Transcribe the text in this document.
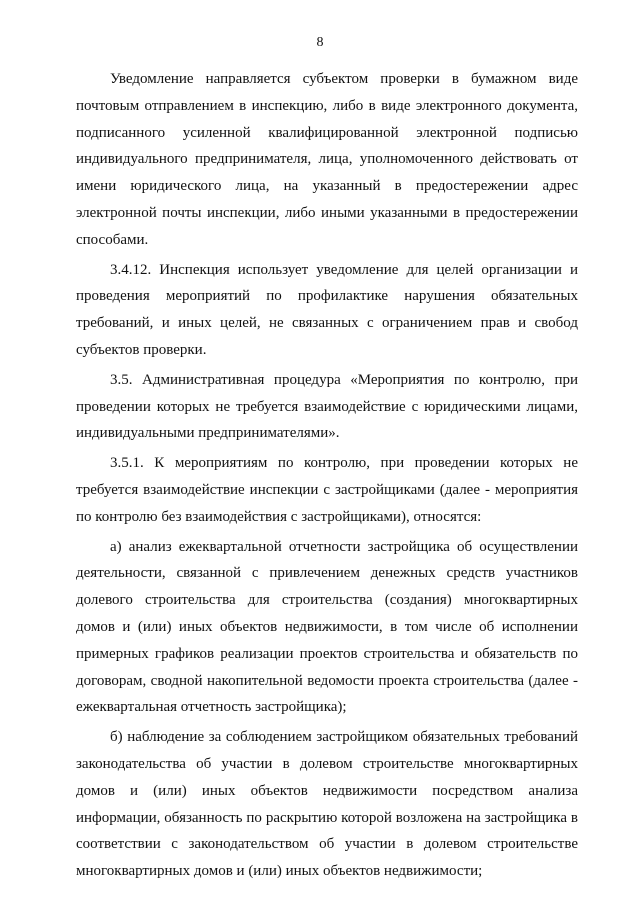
8

Уведомление направляется субъектом проверки в бумажном виде почтовым отправлением в инспекцию, либо в виде электронного документа, подписанного усиленной квалифицированной электронной подписью индивидуального предпринимателя, лица, уполномоченного действовать от имени юридического лица, на указанный в предостережении адрес электронной почты инспекции, либо иными указанными в предостережении способами.

3.4.12. Инспекция использует уведомление для целей организации и проведения мероприятий по профилактике нарушения обязательных требований, и иных целей, не связанных с ограничением прав и свобод субъектов проверки.

3.5. Административная процедура «Мероприятия по контролю, при проведении которых не требуется взаимодействие с юридическими лицами, индивидуальными предпринимателями».

3.5.1. К мероприятиям по контролю, при проведении которых не требуется взаимодействие инспекции с застройщиками (далее - мероприятия по контролю без взаимодействия с застройщиками), относятся:

а) анализ ежеквартальной отчетности застройщика об осуществлении деятельности, связанной с привлечением денежных средств участников долевого строительства для строительства (создания) многоквартирных домов и (или) иных объектов недвижимости, в том числе об исполнении примерных графиков реализации проектов строительства и обязательств по договорам, сводной накопительной ведомости проекта строительства (далее - ежеквартальная отчетность застройщика);

б) наблюдение за соблюдением застройщиком обязательных требований законодательства об участии в долевом строительстве многоквартирных домов и (или) иных объектов недвижимости посредством анализа информации, обязанность по раскрытию которой возложена на застройщика в соответствии с законодательством об участии в долевом строительстве многоквартирных домов и (или) иных объектов недвижимости;
